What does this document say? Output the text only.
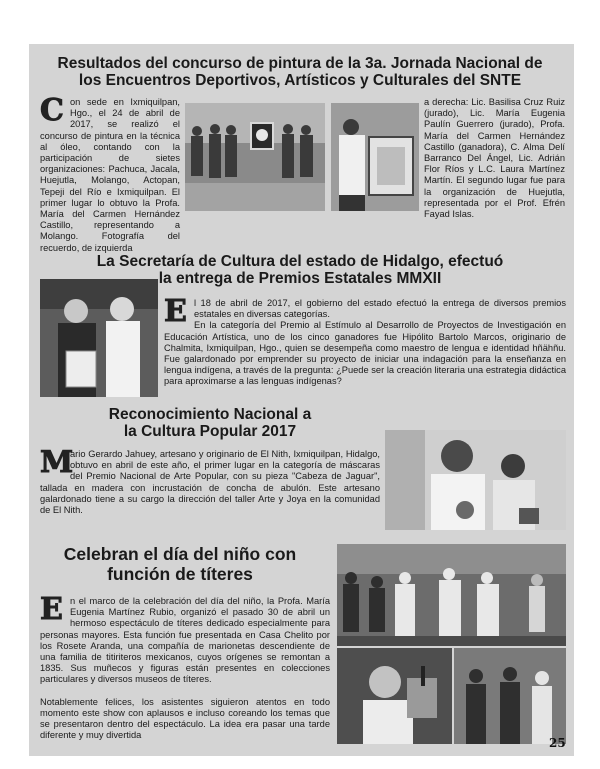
Resultados del concurso de pintura de la 3a. Jornada Nacional de
los Encuentros Deportivos, Artísticos y Culturales del SNTE
C on sede en Ixmiquilpan, Hgo., el 24 de abril de 2017, se realizó el concurso de pintura en la técnica al óleo, contando con la participación de sietes organizaciones: Pachuca, Jacala, Huejutla, Molango, Actopan, Tepeji del Río e Ixmiquilpan. El primer lugar lo obtuvo la Profa. María del Carmen Hernández Castillo, representando a Molango. Fotografía del recuerdo, de izquierda
a derecha: Lic. Basilisa Cruz Ruiz (jurado), Lic. María Eugenia Paulín Guerrero (jurado), Profa. María del Carmen Hernández Castillo (ganadora), C. Alma Delí Barranco Del Ángel, Lic. Adrián Flor Ríos y L.C. Laura Martínez Martín. El segundo lugar fue para la organización de Huejutla, representada por el Prof. Efrén Fayad Islas.
La Secretaría de Cultura del estado de Hidalgo, efectuó
la entrega de Premios Estatales MMXII
E l 18 de abril de 2017, el gobierno del estado efectuó la entrega de diversos premios estatales en diversas categorías.
En la categoría del Premio al Estímulo al Desarrollo de Proyectos de Investigación en Educación Artística, uno de los cinco ganadores fue Hipólito Bartolo Marcos, originario de Chalmita, Ixmiquilpan, Hgo., quien se desempeña como maestro de lengua e identidad hñähñu. Fue galardonado por emprender su proyecto de iniciar una indagación para la enseñanza en lengua indígena, a través de la pregunta: ¿Puede ser la creación literaria una estrategia didáctica para aproximarse a las lenguas indígenas?
Reconocimiento Nacional a
la Cultura Popular 2017
M
ario Gerardo Jahuey, artesano y originario de El Nith, Ixmiquilpan, Hidalgo, obtuvo en abril de este año, el primer lugar en la categoría de máscaras del Premio Nacional de Arte Popular, con su pieza "Cabeza de Jaguar", tallada en madera con incrustación de concha de abulón. Este artesano galardonado tiene a su cargo la dirección del taller Arte y Joya en la comunidad de El Nith.
Celebran el día del niño con
función de títeres
E n el marco de la celebración del día del niño, la Profa. María Eugenia Martínez Rubio, organizó el pasado 30 de abril un hermoso espectáculo de títeres dedicado especialmente para personas mayores. Esta función fue presentada en Casa Chelito por los Rosete Aranda, una compañía de marionetas descendiente de una familia de titiriteros mexicanos, cuyos orígenes se remontan a 1835. Sus muñecos y figuras están presentes en colecciones particulares y diversos museos de títeres.

Notablemente felices, los asistentes siguieron atentos en todo momento este show con aplausos e incluso coreando los temas que se presentaron dentro del espectáculo. La idea era pasar una tarde diferente y muy divertida
25
